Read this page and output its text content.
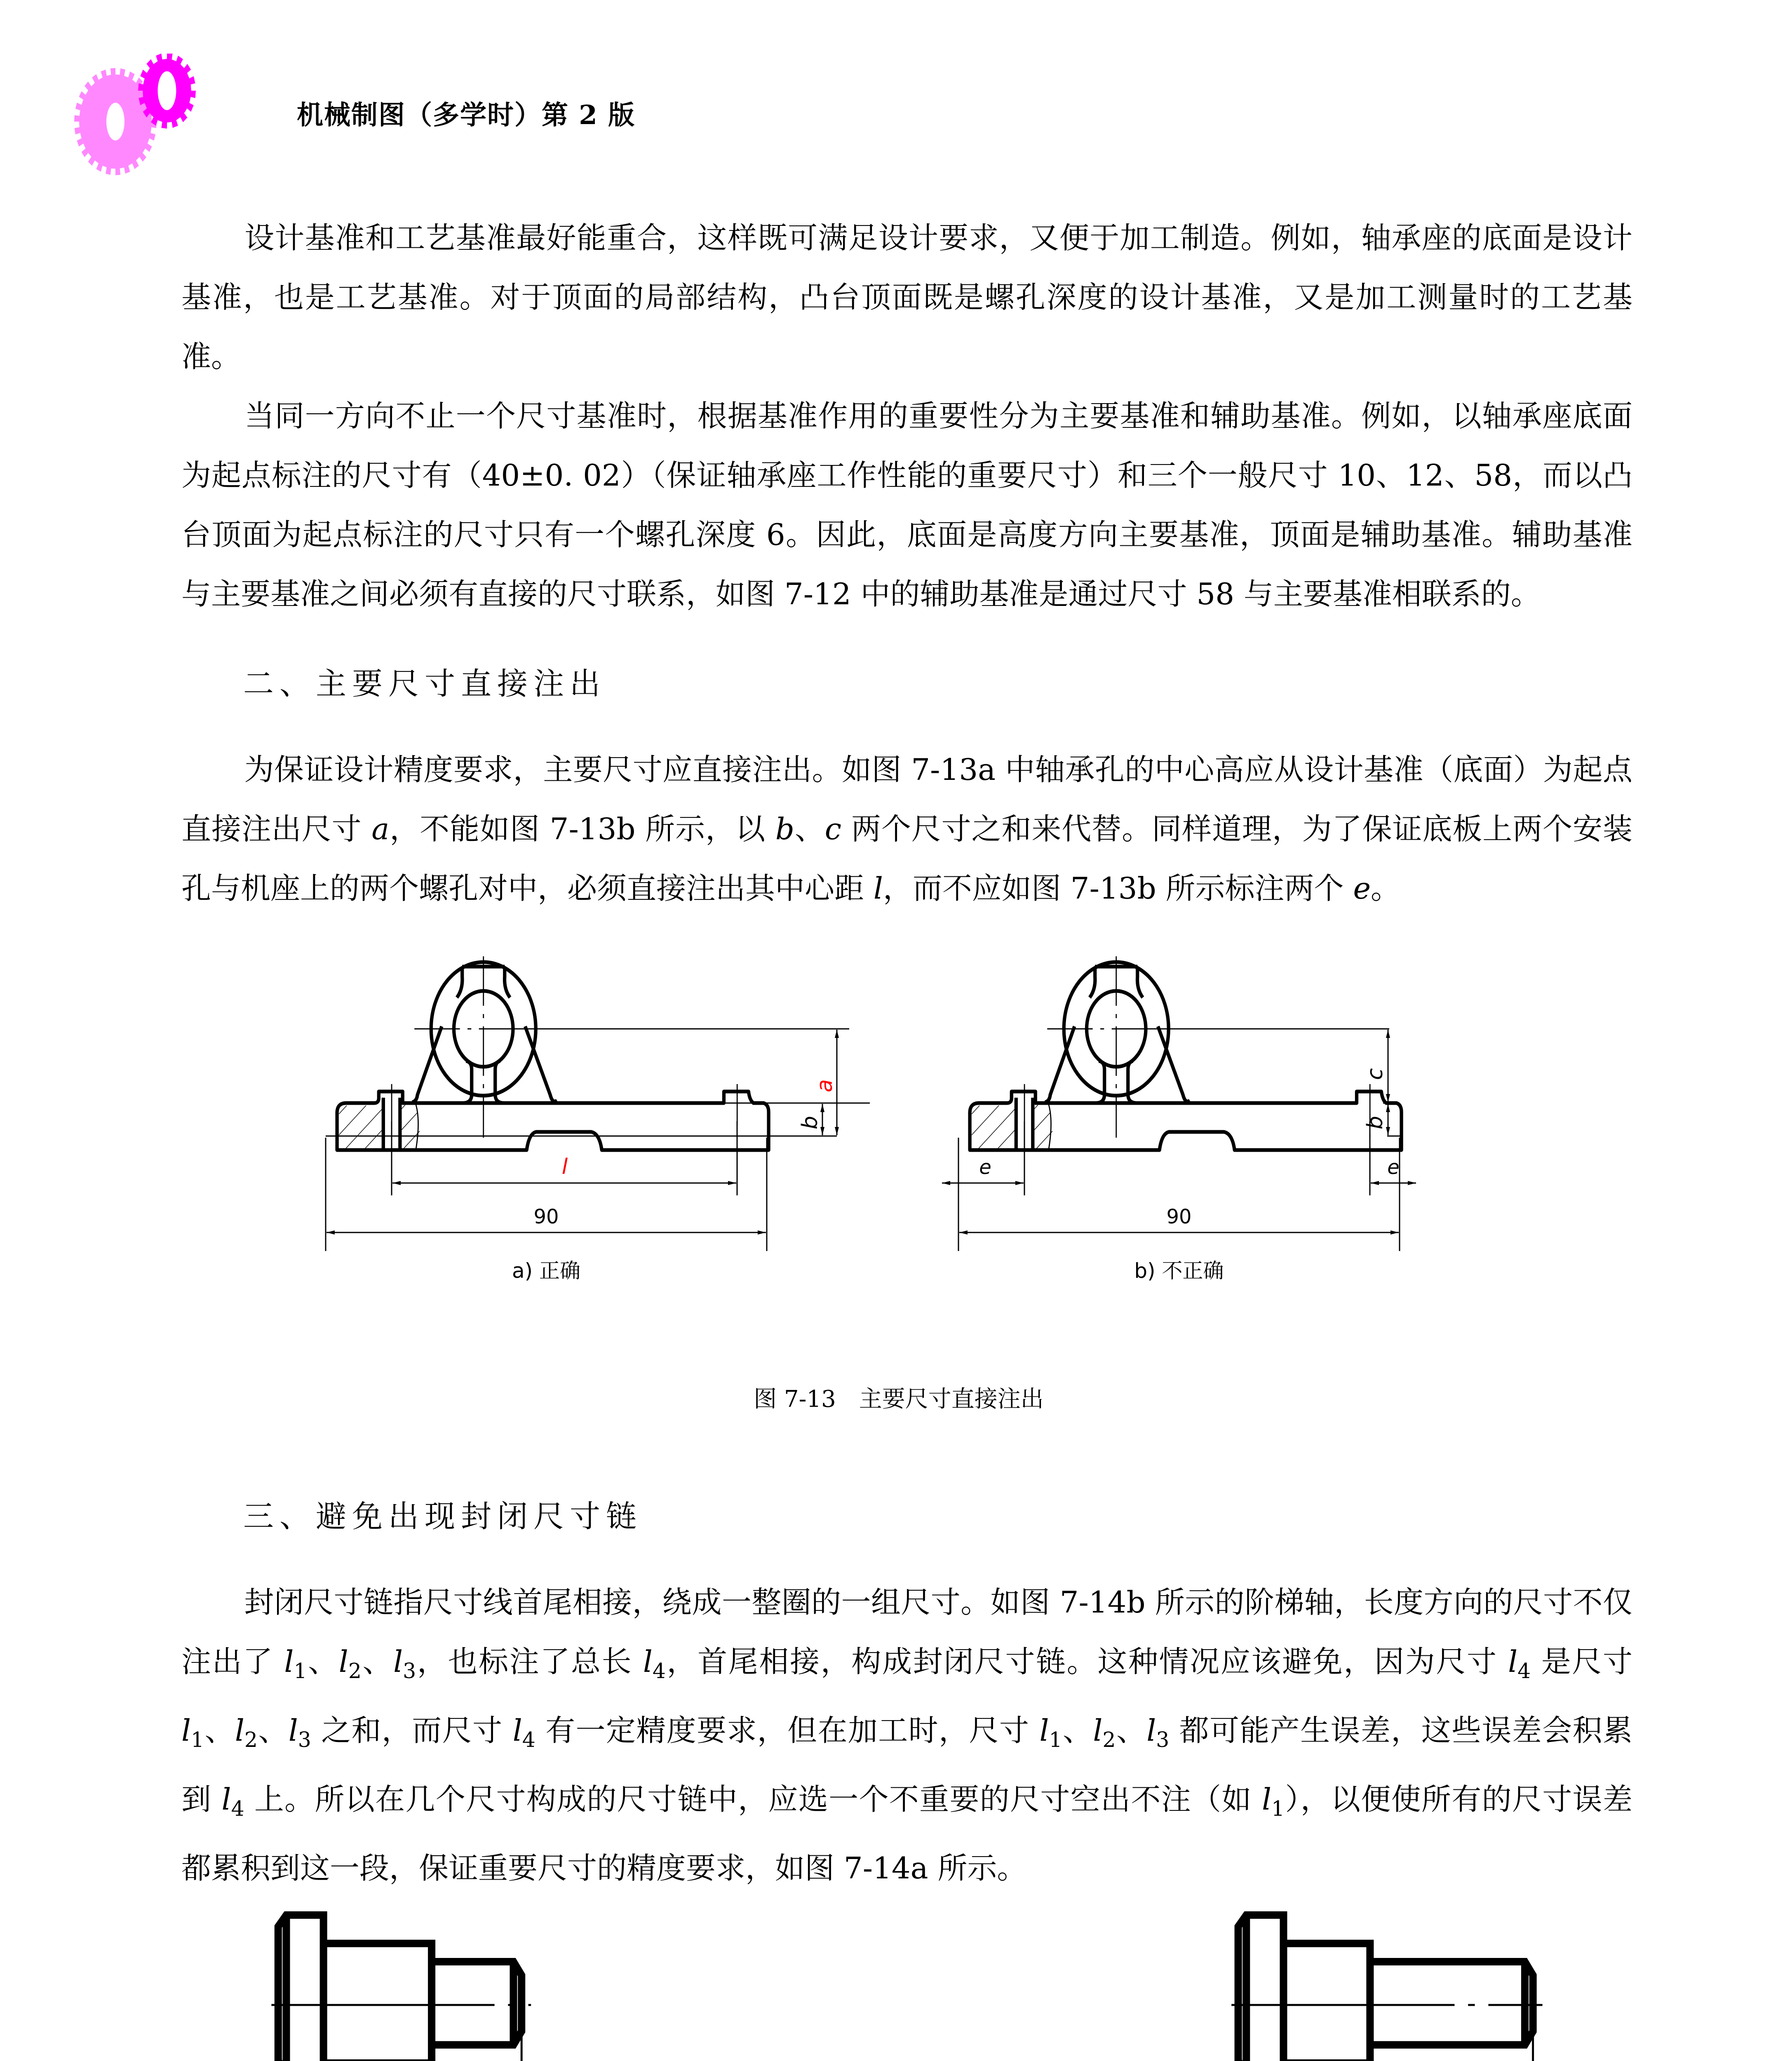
机械制图（多学时）第 2 版
设计基准和工艺基准最好能重合，这样既可满足设计要求，又便于加工制造。例如，轴承座的底面是设计基准，也是工艺基准。对于顶面的局部结构，凸台顶面既是螺孔深度的设计基准，又是加工测量时的工艺基准。
当同一方向不止一个尺寸基准时，根据基准作用的重要性分为主要基准和辅助基准。例如，以轴承座底面为起点标注的尺寸有（40±0. 02）（保证轴承座工作性能的重要尺寸）和三个一般尺寸 10、12、58，而以凸台顶面为起点标注的尺寸只有一个螺孔深度 6。因此，底面是高度方向主要基准，顶面是辅助基准。辅助基准与主要基准之间必须有直接的尺寸联系，如图 7-12 中的辅助基准是通过尺寸 58 与主要基准相联系的。
二、主要尺寸直接注出
为保证设计精度要求，主要尺寸应直接注出。如图 7-13a 中轴承孔的中心高应从设计基准（底面）为起点直接注出尺寸 a，不能如图 7-13b 所示，以 b、c 两个尺寸之和来代替。同样道理，为了保证底板上两个安装孔与机座上的两个螺孔对中，必须直接注出其中心距 l，而不应如图 7-13b 所示标注两个 e。
a
b
l
90
a) 正确
c
b
e	e
90
b) 不正确
图 7-13　主要尺寸直接注出
三、避免出现封闭尺寸链
封闭尺寸链指尺寸线首尾相接，绕成一整圈的一组尺寸。如图 7-14b 所示的阶梯轴，长度方向的尺寸不仅注出了 $l_1$、$l_2$、$l_3$，也标注了总长 $l_4$，首尾相接，构成封闭尺寸链。这种情况应该避免，因为尺寸 $l_4$ 是尺寸 $l_1$、$l_2$、$l_3$ 之和，而尺寸 $l_4$ 有一定精度要求，但在加工时，尺寸 $l_1$、$l_2$、$l_3$ 都可能产生误差，这些误差会积累到 $l_4$ 上。所以在几个尺寸构成的尺寸链中，应选一个不重要的尺寸空出不注（如 $l_1$），以便使所有的尺寸误差都累积到这一段，保证重要尺寸的精度要求，如图 7-14a 所示。
